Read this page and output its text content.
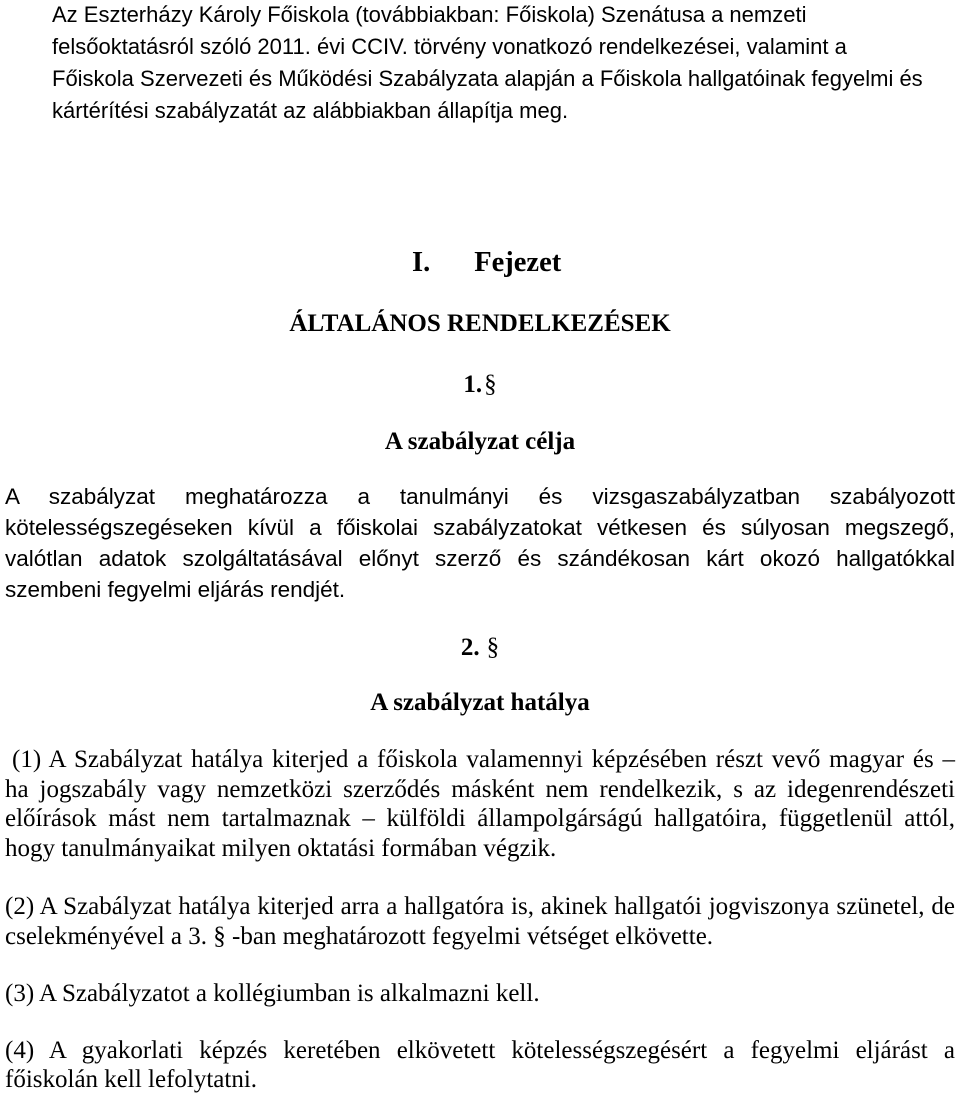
Az Eszterházy Károly Főiskola (továbbiakban: Főiskola) Szenátusa a nemzeti
felsőoktatásról szóló 2011. évi CCIV. törvény vonatkozó rendelkezései, valamint a
Főiskola Szervezeti és Működési Szabályzata alapján a Főiskola hallgatóinak fegyelmi és
kártérítési szabályzatát az alábbiakban állapítja meg.
I. Fejezet
ÁLTALÁNOS RENDELKEZÉSEK
1.§
A szabályzat célja
A szabályzat meghatározza a tanulmányi és vizsgaszabályzatban szabályozott
kötelességszegéseken kívül a főiskolai szabályzatokat vétkesen és súlyosan megszegő,
valótlan adatok szolgáltatásával előnyt szerző és szándékosan kárt okozó hallgatókkal
szembeni fegyelmi eljárás rendjét.
2. §
A szabályzat hatálya
(1) A Szabályzat hatálya kiterjed a főiskola valamennyi képzésében részt vevő magyar és –
ha jogszabály vagy nemzetközi szerződés másként nem rendelkezik, s az idegenrendészeti
előírások mást nem tartalmaznak – külföldi állampolgárságú hallgatóira, függetlenül attól,
hogy tanulmányaikat milyen oktatási formában végzik.
(2) A Szabályzat hatálya kiterjed arra a hallgatóra is, akinek hallgatói jogviszonya szünetel, de
cselekményével a 3. § -ban meghatározott fegyelmi vétséget elkövette.
(3) A Szabályzatot a kollégiumban is alkalmazni kell.
(4) A gyakorlati képzés keretében elkövetett kötelességszegésért a fegyelmi eljárást a
főiskolán kell lefolytatni.
